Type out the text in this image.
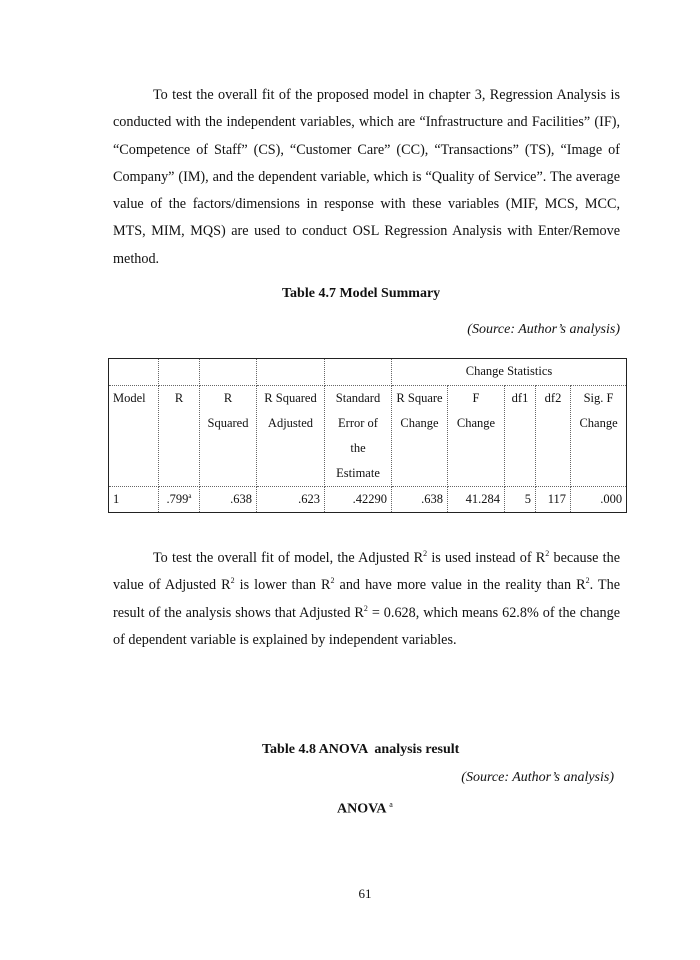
To test the overall fit of the proposed model in chapter 3, Regression Analysis is conducted with the independent variables, which are “Infrastructure and Facilities” (IF), “Competence of Staff” (CS), “Customer Care” (CC), “Transactions” (TS), “Image of Company” (IM), and the dependent variable, which is “Quality of Service”. The average value of the factors/dimensions in response with these variables (MIF, MCS, MCC, MTS, MIM, MQS) are used to conduct OSL Regression Analysis with Enter/Remove method.

Table 4.7 Model Summary

(Source: Author’s analysis)

					Change Statistics				
Model	R	R Squared	R Squared Adjusted	Standard Error of the Estimate	R Square Change	F Change	df1	df2	Sig. F Change
1	.799$^a$	.638	.623	.42290	.638	41.284	5	117	.000

To test the overall fit of model, the Adjusted $R^2$ is used instead of $R^2$ because the value of Adjusted $R^2$ is lower than $R^2$ and have more value in the reality than $R^2$. The result of the analysis shows that Adjusted $R^2 = 0.628$, which means 62.8% of the change of dependent variable is explained by independent variables.

Table 4.8 ANOVA  analysis result

(Source: Author’s analysis)

ANOVA $^a$

61
